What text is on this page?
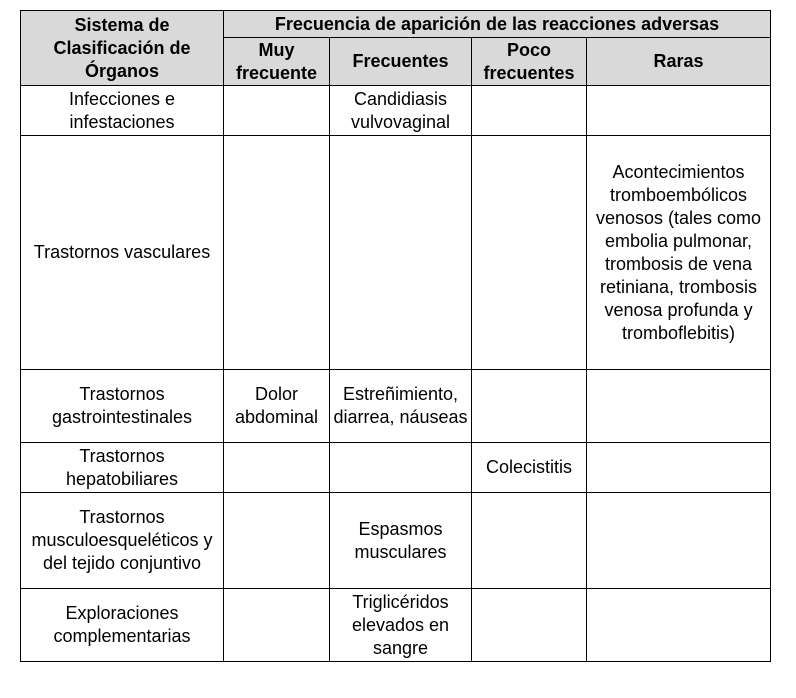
Sistema de Clasificación de Órganos	Frecuencia de aparición de las reacciones adversas			
	Muy frecuente	Frecuentes	Poco frecuentes	Raras
Infecciones e infestaciones		Candidiasis vulvovaginal		
Trastornos vasculares				Acontecimientos tromboembólicos venosos (tales como embolia pulmonar, trombosis de vena retiniana, trombosis venosa profunda y tromboflebitis)
Trastornos gastrointestinales	Dolor abdominal	Estreñimiento, diarrea, náuseas		
Trastornos hepatobiliares			Colecistitis	
Trastornos musculoesqueléticos y del tejido conjuntivo		Espasmos musculares		
Exploraciones complementarias		Triglicéridos elevados en sangre		
